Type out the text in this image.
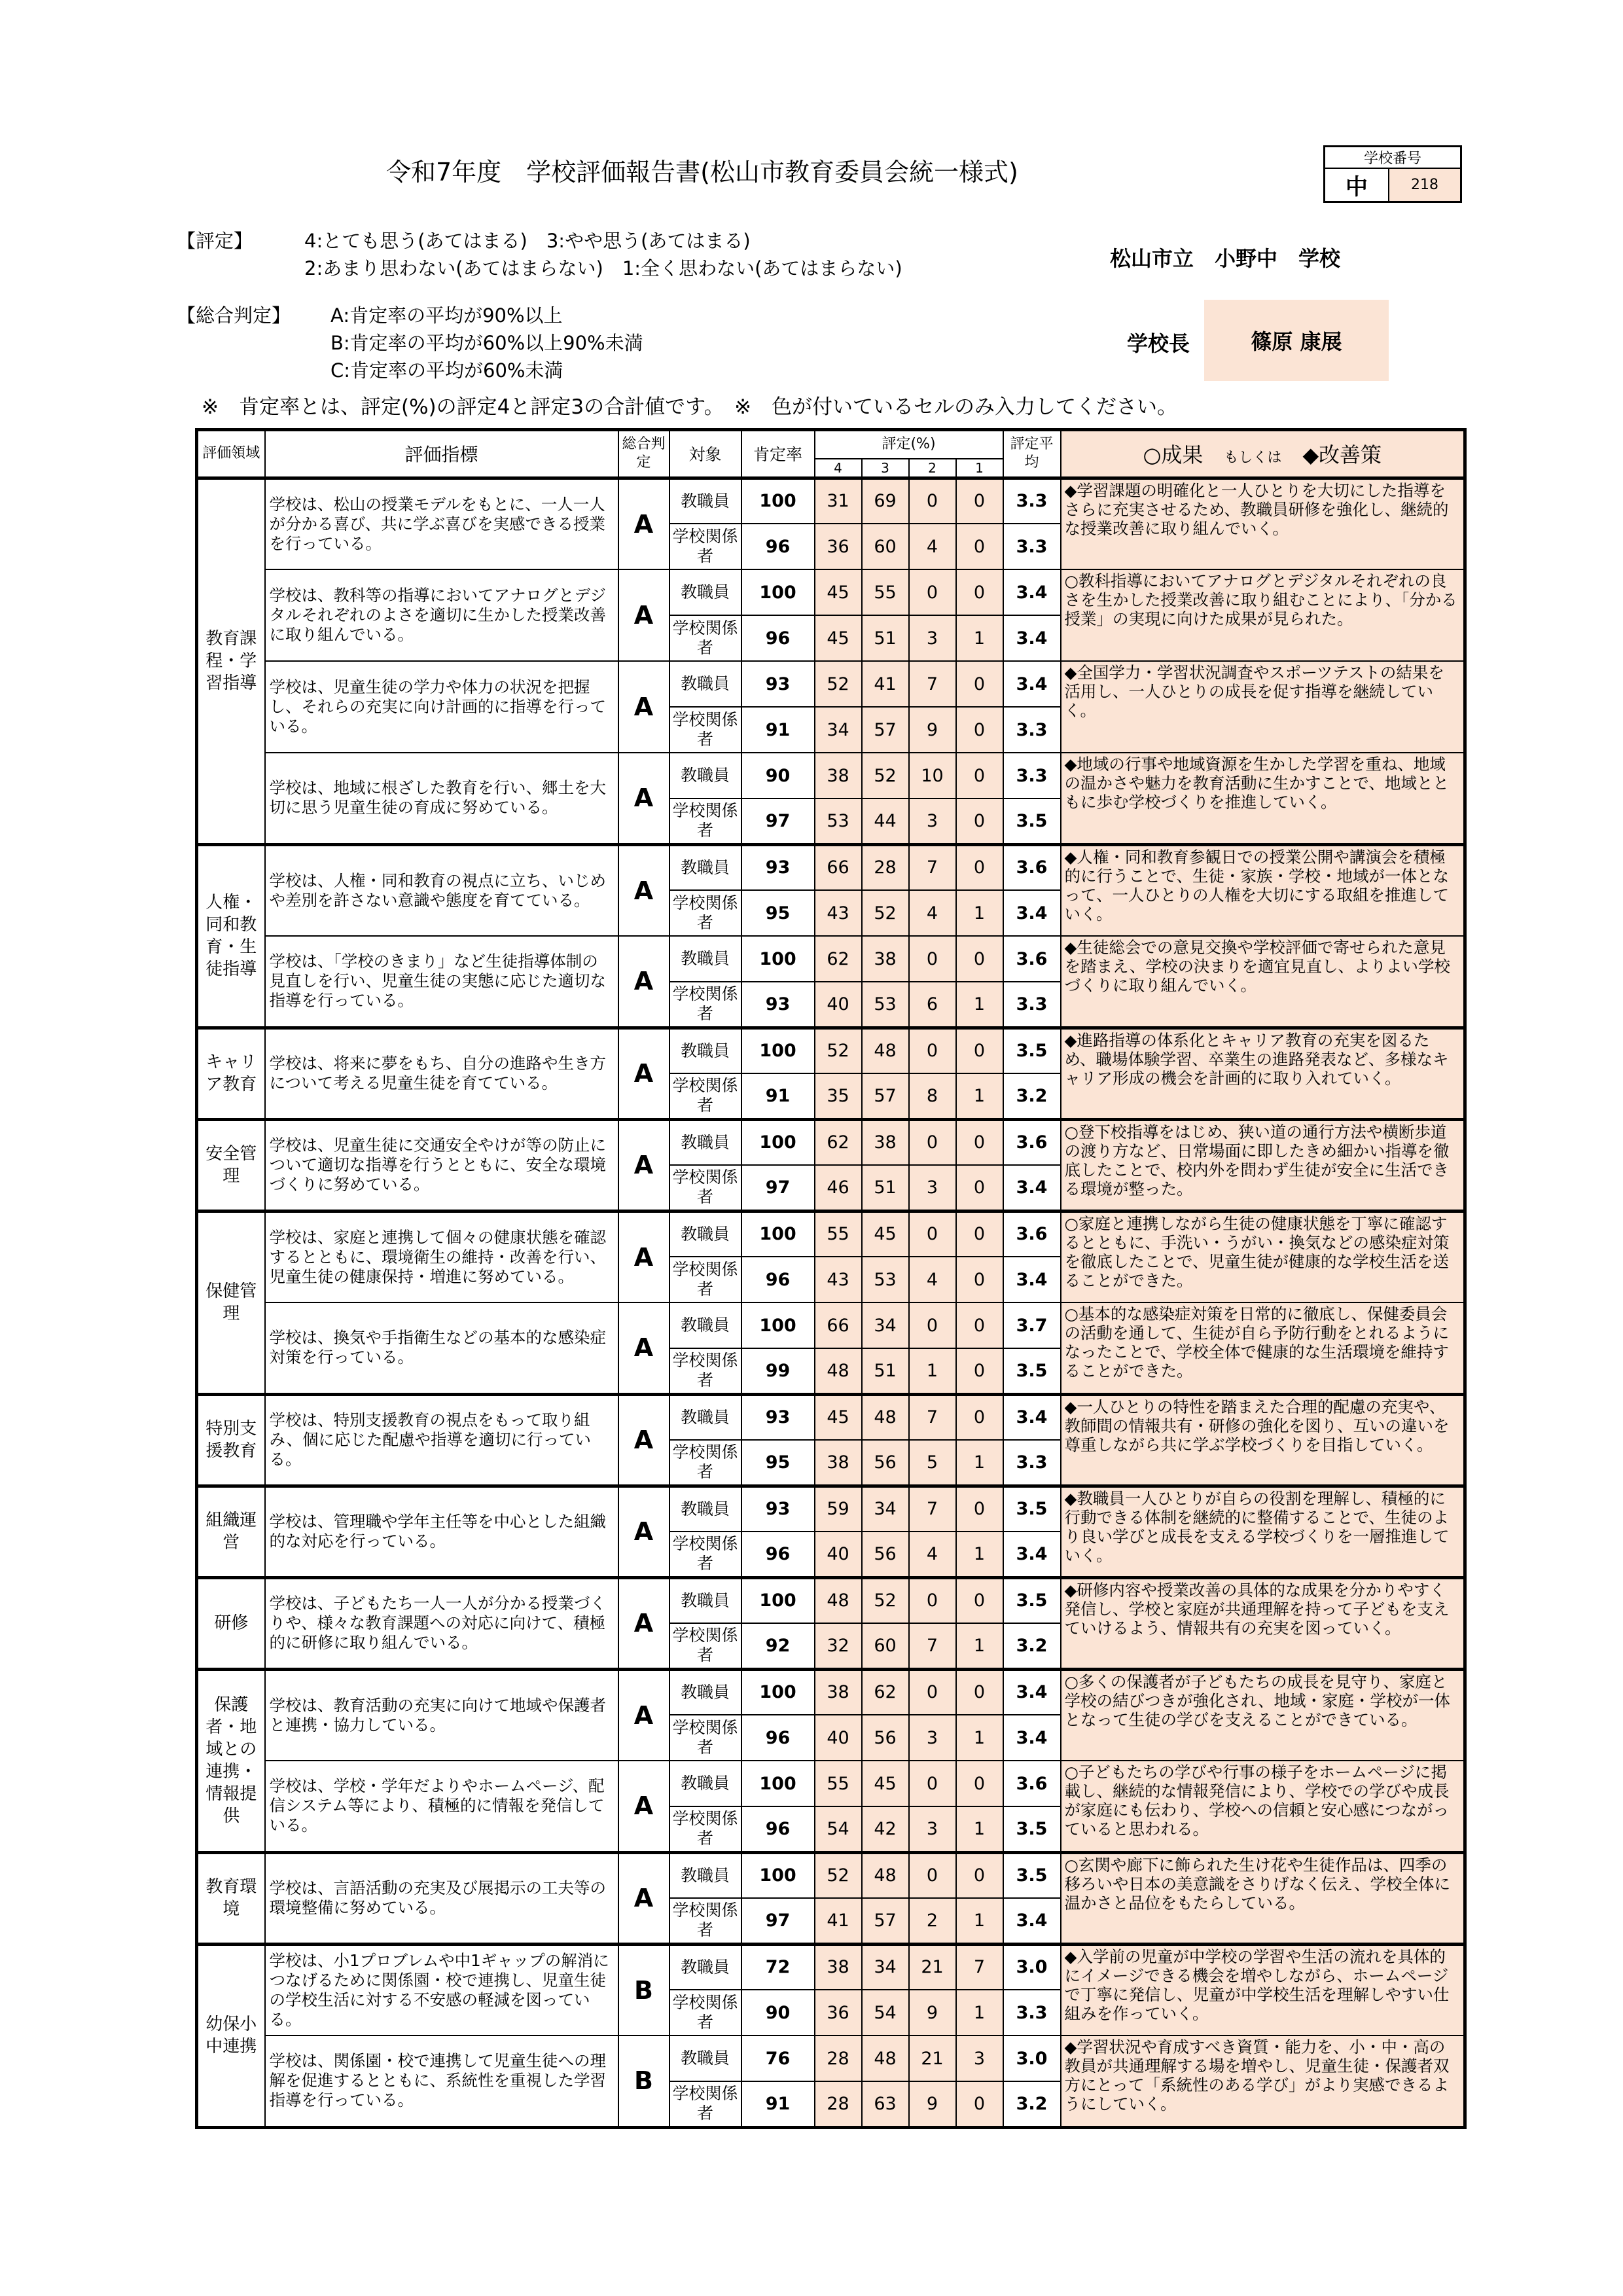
令和7年度　学校評価報告書(松山市教育委員会統一様式)	学校番号
中	218
【評定】	4:とても思う(あてはまる)　3:やや思う(あてはまる)
2:あまり思わない(あてはまらない)　1:全く思わない(あてはまらない)
【総合判定】 A:肯定率の平均が90%以上
B:肯定率の平均が60%以上90%未満
C:肯定率の平均が60%未満
松山市立　小野中　学校
学校長	篠原 康展
※　肯定率とは、評定(%)の評定4と評定3の合計値です。　※　色が付いているセルのみ入力してください。
評価領域	評価指標	総合判定	対象	肯定率	評定(%)				評定平均	○成果　 もしくは　 ◆改善策
					4	3	2	1		
教育課程・学習指導	学校は、松山の授業モデルをもとに、一人一人が分かる喜び、共に学ぶ喜びを実感できる授業を行っている。	A	教職員	100	31	69	0	0	3.3	◆学習課題の明確化と一人ひとりを大切にした指導をさらに充実させるため、教職員研修を強化し、継続的な授業改善に取り組んでいく。
			学校関係者	96	36	60	4	0	3.3	
	学校は、教科等の指導においてアナログとデジタルそれぞれのよさを適切に生かした授業改善に取り組んでいる。	A	教職員	100	45	55	0	0	3.4	○教科指導においてアナログとデジタルそれぞれの良さを生かした授業改善に取り組むことにより、「分かる授業」の実現に向けた成果が見られた。
			学校関係者	96	45	51	3	1	3.4	
	学校は、児童生徒の学力や体力の状況を把握し、それらの充実に向け計画的に指導を行っている。	A	教職員	93	52	41	7	0	3.4	◆全国学力・学習状況調査やスポーツテストの結果を活用し、一人ひとりの成長を促す指導を継続していく。
			学校関係者	91	34	57	9	0	3.3	
	学校は、地域に根ざした教育を行い、郷土を大切に思う児童生徒の育成に努めている。	A	教職員	90	38	52	10	0	3.3	◆地域の行事や地域資源を生かした学習を重ね、地域の温かさや魅力を教育活動に生かすことで、地域とともに歩む学校づくりを推進していく。
			学校関係者	97	53	44	3	0	3.5	
人権・同和教育・生徒指導	学校は、人権・同和教育の視点に立ち、いじめや差別を許さない意識や態度を育てている。	A	教職員	93	66	28	7	0	3.6	◆人権・同和教育参観日での授業公開や講演会を積極的に行うことで、生徒・家族・学校・地域が一体となって、一人ひとりの人権を大切にする取組を推進していく。
			学校関係者	95	43	52	4	1	3.4	
	学校は、「学校のきまり」など生徒指導体制の見直しを行い、児童生徒の実態に応じた適切な指導を行っている。	A	教職員	100	62	38	0	0	3.6	◆生徒総会での意見交換や学校評価で寄せられた意見を踏まえ、学校の決まりを適宜見直し、よりよい学校づくりに取り組んでいく。
			学校関係者	93	40	53	6	1	3.3	
キャリア教育	学校は、将来に夢をもち、自分の進路や生き方について考える児童生徒を育てている。	A	教職員	100	52	48	0	0	3.5	◆進路指導の体系化とキャリア教育の充実を図るため、職場体験学習、卒業生の進路発表など、多様なキャリア形成の機会を計画的に取り入れていく。
			学校関係者	91	35	57	8	1	3.2	
安全管理	学校は、児童生徒に交通安全やけが等の防止について適切な指導を行うとともに、安全な環境づくりに努めている。	A	教職員	100	62	38	0	0	3.6	○登下校指導をはじめ、狭い道の通行方法や横断歩道の渡り方など、日常場面に即したきめ細かい指導を徹底したことで、校内外を問わず生徒が安全に生活できる環境が整った。
			学校関係者	97	46	51	3	0	3.4	
保健管理	学校は、家庭と連携して個々の健康状態を確認するとともに、環境衛生の維持・改善を行い、児童生徒の健康保持・増進に努めている。	A	教職員	100	55	45	0	0	3.6	○家庭と連携しながら生徒の健康状態を丁寧に確認するとともに、手洗い・うがい・換気などの感染症対策を徹底したことで、児童生徒が健康的な学校生活を送ることができた。
			学校関係者	96	43	53	4	0	3.4	
	学校は、換気や手指衛生などの基本的な感染症対策を行っている。	A	教職員	100	66	34	0	0	3.7	○基本的な感染症対策を日常的に徹底し、保健委員会の活動を通して、生徒が自ら予防行動をとれるようになったことで、学校全体で健康的な生活環境を維持することができた。
			学校関係者	99	48	51	1	0	3.5	
特別支援教育	学校は、特別支援教育の視点をもって取り組み、個に応じた配慮や指導を適切に行っている。	A	教職員	93	45	48	7	0	3.4	◆一人ひとりの特性を踏まえた合理的配慮の充実や、教師間の情報共有・研修の強化を図り、互いの違いを尊重しながら共に学ぶ学校づくりを目指していく。
			学校関係者	95	38	56	5	1	3.3	
組織運営	学校は、管理職や学年主任等を中心とした組織的な対応を行っている。	A	教職員	93	59	34	7	0	3.5	◆教職員一人ひとりが自らの役割を理解し、積極的に行動できる体制を継続的に整備することで、生徒のより良い学びと成長を支える学校づくりを一層推進していく。
			学校関係者	96	40	56	4	1	3.4	
研修	学校は、子どもたち一人一人が分かる授業づくりや、様々な教育課題への対応に向けて、積極的に研修に取り組んでいる。	A	教職員	100	48	52	0	0	3.5	◆研修内容や授業改善の具体的な成果を分かりやすく発信し、学校と家庭が共通理解を持って子どもを支えていけるよう、情報共有の充実を図っていく。
			学校関係者	92	32	60	7	1	3.2	
保護者・地域との連携・情報提供	学校は、教育活動の充実に向けて地域や保護者と連携・協力している。	A	教職員	100	38	62	0	0	3.4	○多くの保護者が子どもたちの成長を見守り、家庭と学校の結びつきが強化され、地域・家庭・学校が一体となって生徒の学びを支えることができている。
			学校関係者	96	40	56	3	1	3.4	
	学校は、学校・学年だよりやホームページ、配信システム等により、積極的に情報を発信している。	A	教職員	100	55	45	0	0	3.6	○子どもたちの学びや行事の様子をホームページに掲載し、継続的な情報発信により、学校での学びや成長が家庭にも伝わり、学校への信頼と安心感につながっていると思われる。
			学校関係者	96	54	42	3	1	3.5	
教育環境	学校は、言語活動の充実及び展掲示の工夫等の環境整備に努めている。	A	教職員	100	52	48	0	0	3.5	○玄関や廊下に飾られた生け花や生徒作品は、四季の移ろいや日本の美意識をさりげなく伝え、学校全体に温かさと品位をもたらしている。
			学校関係者	97	41	57	2	1	3.4	
幼保小中連携	学校は、小1プロブレムや中1ギャップの解消につなげるために関係園・校で連携し、児童生徒の学校生活に対する不安感の軽減を図っている。	B	教職員	72	38	34	21	7	3.0	◆入学前の児童が中学校の学習や生活の流れを具体的にイメージできる機会を増やしながら、ホームページで丁寧に発信し、児童が中学校生活を理解しやすい仕組みを作っていく。
			学校関係者	90	36	54	9	1	3.3	
	学校は、関係園・校で連携して児童生徒への理解を促進するとともに、系統性を重視した学習指導を行っている。	B	教職員	76	28	48	21	3	3.0	◆学習状況や育成すべき資質・能力を、小・中・高の教員が共通理解する場を増やし、児童生徒・保護者双方にとって「系統性のある学び」がより実感できるようにしていく。
			学校関係者	91	28	63	9	0	3.2	
